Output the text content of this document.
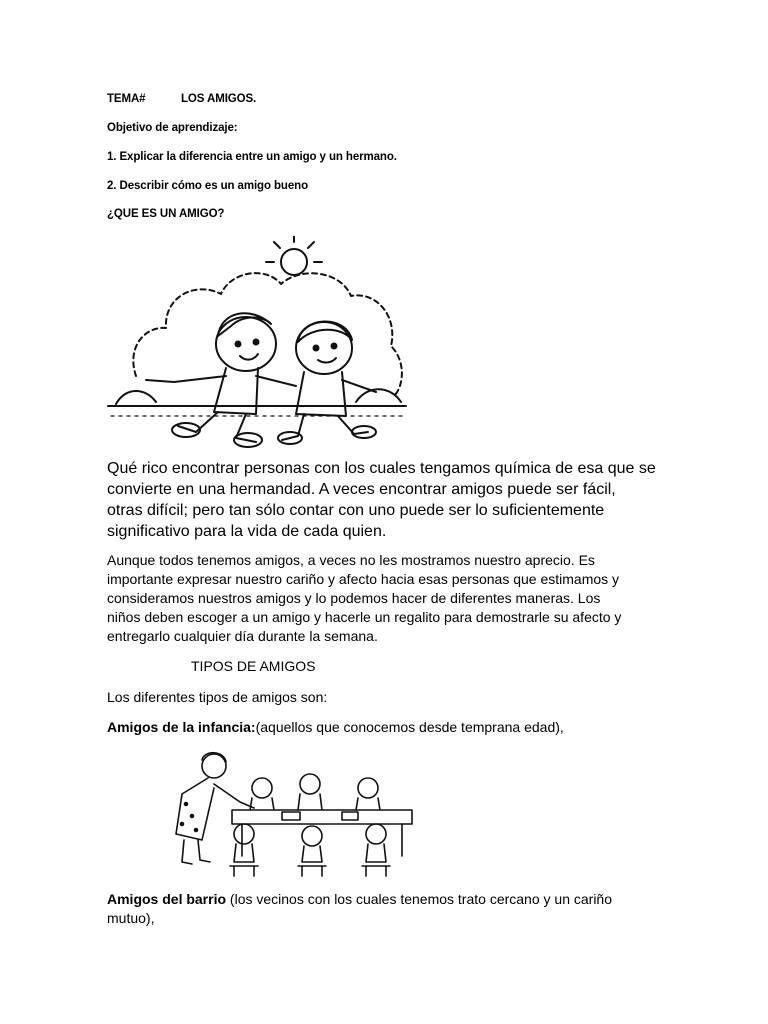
TEMA#	LOS AMIGOS.
Objetivo de aprendizaje:
1. Explicar la diferencia entre un amigo y un hermano.
2. Describir cómo es un amigo bueno
¿QUE ES UN AMIGO?
Qué rico encontrar personas con los cuales tengamos química de esa que se
convierte en una hermandad. A veces encontrar amigos puede ser fácil,
otras difícil; pero tan sólo contar con uno puede ser lo suficientemente
significativo para la vida de cada quien.
Aunque todos tenemos amigos, a veces no les mostramos nuestro aprecio. Es
importante expresar nuestro cariño y afecto hacia esas personas que estimamos y
consideramos nuestros amigos y lo podemos hacer de diferentes maneras. Los
niños deben escoger a un amigo y hacerle un regalito para demostrarle su afecto y
entregarlo cualquier día durante la semana.
TIPOS DE AMIGOS
Los diferentes tipos de amigos son:
Amigos de la infancia:(aquellos que conocemos desde temprana edad),
Amigos del barrio (los vecinos con los cuales tenemos trato cercano y un cariño
mutuo),
